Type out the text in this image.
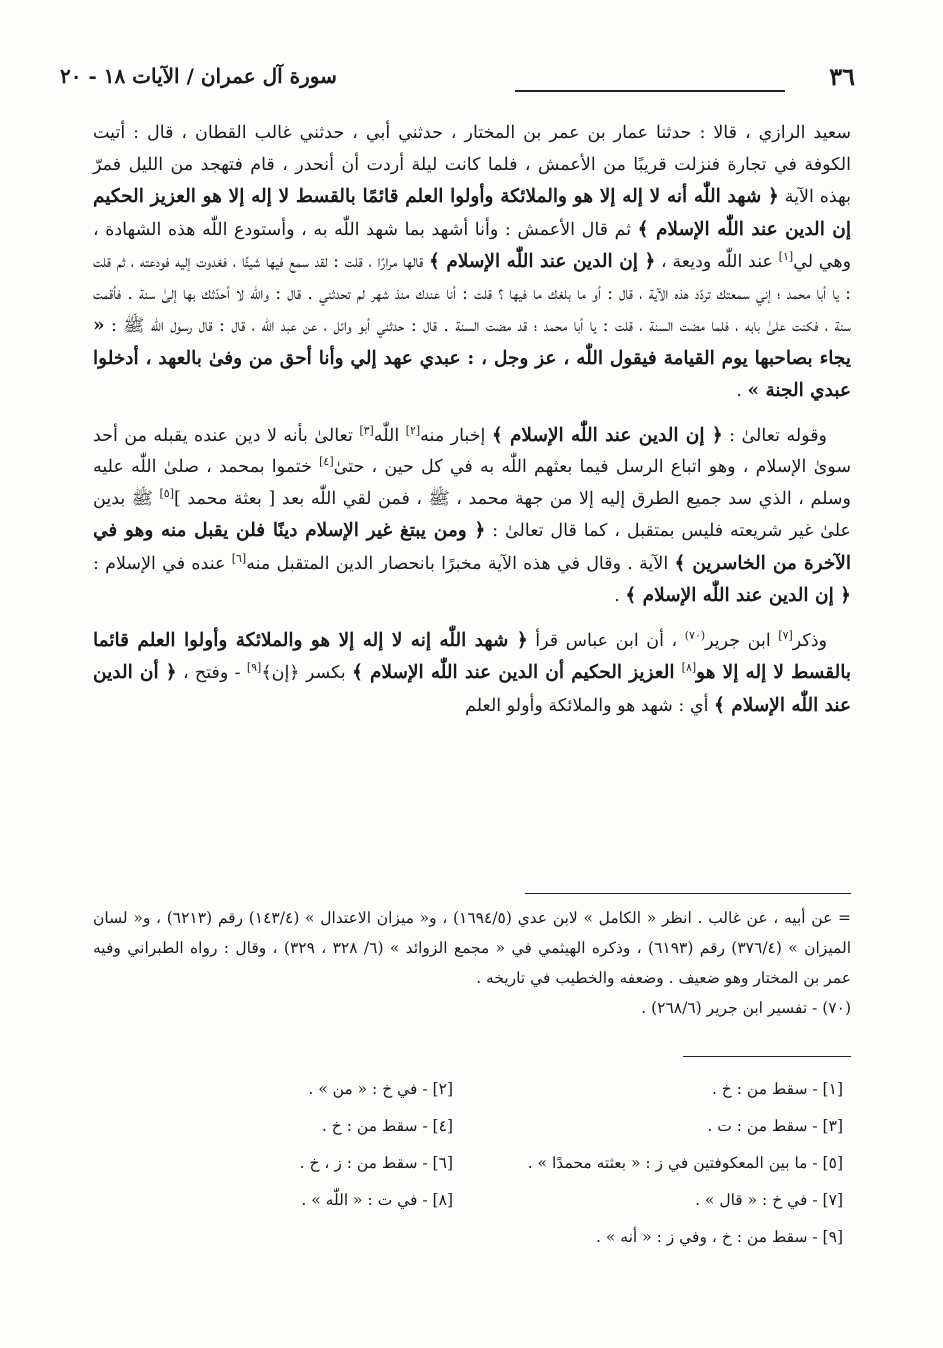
٣٦
سورة آل عمران / الآيات ١٨ - ٢٠

سعيد الرازي ، قالا : حدثنا عمار بن عمر بن المختار ، حدثني أبي ، حدثني غالب القطان ، قال : أتيت الكوفة في تجارة فنزلت قريبًا من الأعمش ، فلما كانت ليلة أردت أن أنحدر ، قام فتهجد من الليل فمرّ بهذه الآية ﴿ شهد اللّٰه أنه لا إله إلا هو والملائكة وأولوا العلم قائمًا بالقسط لا إله إلا هو العزيز الحكيم إن الدين عند اللّٰه الإسلام ﴾ ثم قال الأعمش : وأنا أشهد بما شهد اللّٰه به ، وأستودع اللّٰه هذه الشهادة ، وهي لي[١] عند اللّٰه وديعة ، ﴿ إن الدين عند اللّٰه الإسلام ﴾ قالها مرارًا ، قلت : لقد سمع فيها شيئًا ، فغدوت إليه فودعته ، ثم قلت : يا أبا محمد ؛ إني سمعتك تردّد هذه الآية ، قال : أو ما بلغك ما فيها ؟ قلت : أنا عندك منذ شهر لم تحدثني . قال : واللّٰه لا أحدّثك بها إلىٰ سنة . فأقمت سنة ، فكنت علىٰ بابه ، فلما مضت السنة ، قلت : يا أبا محمد ؛ قد مضت السنة . قال : حدثني أبو وائل ، عن عبد اللّٰه ، قال : قال رسول اللّٰه ﷺ : « يجاء بصاحبها يوم القيامة فيقول اللّٰه ، عز وجل ، : عبدي عهد إلي وأنا أحق من وفىٰ بالعهد ، أدخلوا عبدي الجنة » .

وقوله تعالىٰ : ﴿ إن الدين عند اللّٰه الإسلام ﴾ إخبار منه[٢] اللّٰه[٣] تعالىٰ بأنه لا دين عنده يقبله من أحد سوىٰ الإسلام ، وهو اتباع الرسل فيما بعثهم اللّٰه به في كل حين ، حتىٰ[٤] ختموا بمحمد ، صلىٰ اللّٰه عليه وسلم ، الذي سد جميع الطرق إليه إلا من جهة محمد ، ﷺ ، فمن لقي اللّٰه بعد [ بعثة محمد ][٥] ﷺ بدين علىٰ غير شريعته فليس بمتقبل ، كما قال تعالىٰ : ﴿ ومن يبتغ غير الإسلام دينًا فلن يقبل منه وهو في الآخرة من الخاسرين ﴾ الآية . وقال في هذه الآية مخبرًا بانحصار الدين المتقبل منه[٦] عنده في الإسلام : ﴿ إن الدين عند اللّٰه الإسلام ﴾ .

وذكر[٧] ابن جرير$^{(٧٠)}$ ، أن ابن عباس قرأ ﴿ شهد اللّٰه إنه لا إله إلا هو والملائكة وأولوا العلم قائما بالقسط لا إله إلا هو[٨] العزيز الحكيم أن الدين عند اللّٰه الإسلام ﴾ بكسر ﴿إن﴾[٩] - وفتح ، ﴿ أن الدين عند اللّٰه الإسلام ﴾ أي : شهد هو والملائكة وأولو العلم

= عن أبيه ، عن غالب . انظر « الكامل » لابن عدي (١٦٩٤/٥) ، و« ميزان الاعتدال » (١٤٣/٤) رقم (٦٢١٣) ، و« لسان الميزان » (٣٧٦/٤) رقم (٦١٩٣) ، وذكره الهيثمي في « مجمع الزوائد » (٦/ ٣٢٨ ، ٣٢٩) ، وقال : رواه الطبراني وفيه عمر بن المختار وهو ضعيف . وضعفه والخطيب في تاريخه .

(٧٠) - تفسير ابن جرير (٢٦٨/٦) .

[١] - سقط من : خ .
[٢] - في خ : « من » .
[٣] - سقط من : ت .
[٤] - سقط من : خ .
[٥] - ما بين المعكوفتين في ز : « بعثته محمدًا » .
[٦] - سقط من : ز ، خ .
[٧] - في خ : « قال » .
[٨] - في ت : « اللّٰه » .
[٩] - سقط من : خ ، وفي ز : « أنه » .
